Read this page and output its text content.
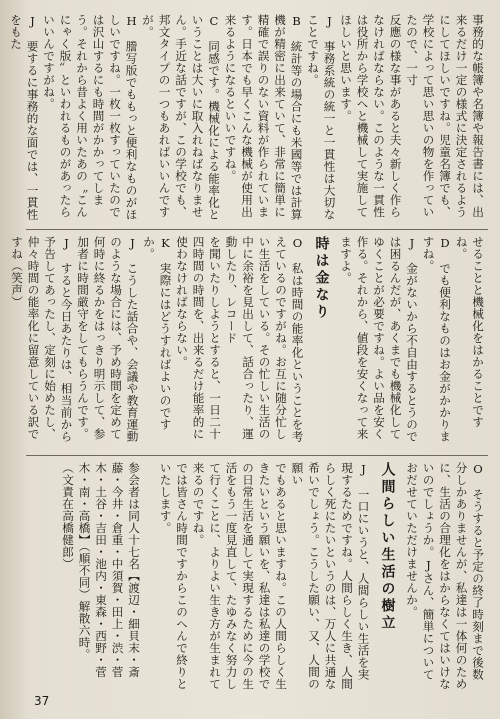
事務的な帳簿や名簿や報告書には、出来るだけ一定の様式に決定されるようにしてほしいですね。児童名簿でも、学校によって思い思いの物を作っていたので、一寸
反應の様な事があると夫々新しく作らなければならない。このような一貫性は役所から学校へと機械して実施してほしいと思います。
J　事務系統の統一と一貫性は大切なことですね。
B　統計等の場合にも米國等では計算機が精密に出来ていて、非常に簡単に精確で誤りのない資料が作られています。日本でも早くこんな機械が使用出来るようになるといいですね。
C　同感です。機械化による能率化ということは大いに取入れねばなりません。手近な話ですが、この学校でも、邦文タイプの一つもあればいいんですが。
H　謄写版でももっと便利なものがほしいですね。一枚一枚すっていたのでは沢山するにも時間がかかってしまう。それから昔よく用いたあの〝こんにゃく版〟といわれるものがあったらいいんですがね。
J　要するに事務的な面では、一貫性をもた
せることと機械化をはかることですね。
D　でも便利なものはお金がかかりますね。
J　金がないから不自由するとうのでは困るんだが、あくまでも機械化してゆくことが必要ですね。よい品を安く作る。それから、値段を安くなって来ますよ。
時は金なり
O　私は時間の能率化ということを考えているのですがね。お互に随分忙しい生活をしている。その忙しい生活の中に余裕を見出して、話合ったり、運動したり、レコード
を聞いたりしようとすると、一日二十四時間の時間を、出来るだけ能率的に使わなければならない。
K　実際にはどうすればよいのですか。
J　こうした話合や、会議や教育運動のような場合には、予め時間を定めて何時に終るかをはっきり明示して、参加者に時間厳守をしてもらうんです。
J　すると今日あたりは、相当前から予告してあったし、定刻に始めたし、仲々時間の能率化に留意している訳ですね（笑声）
O　そうすると予定の終了時刻まで後数分しかありませんが、私達は一体何のために、生活の合理化をはからなくてはいけないのでしょうか。Jさん、簡単についておだせていただけませんか。
人間らしい生活の樹立
J　一口にいうと、人間らしい生活を実現するためですね。人間らしく生き、人間らしく死にたいというのは、万人に共通な希いでしょう。こうした願い、又、人間の願い
でもあると思いますね。この人間らしく生きたいという願いを、私達は私達の学校での日常生活を通して実現するために今の生活をもう一度見直して、たゆみなく努力して行くことに、よりよい生き方が生まれて来るのですね。
では皆さん時間ですからこのへんで終りといたします。
参会者は同人十七名【渡辺・細貝末・斎藤・今井・倉重・中須賀・田上・渋・菅木・土谷・吉田・池内・東森・西野・菅木・南・高橋】（順不同）解散六時。
（文責在高橋健郎）
37
